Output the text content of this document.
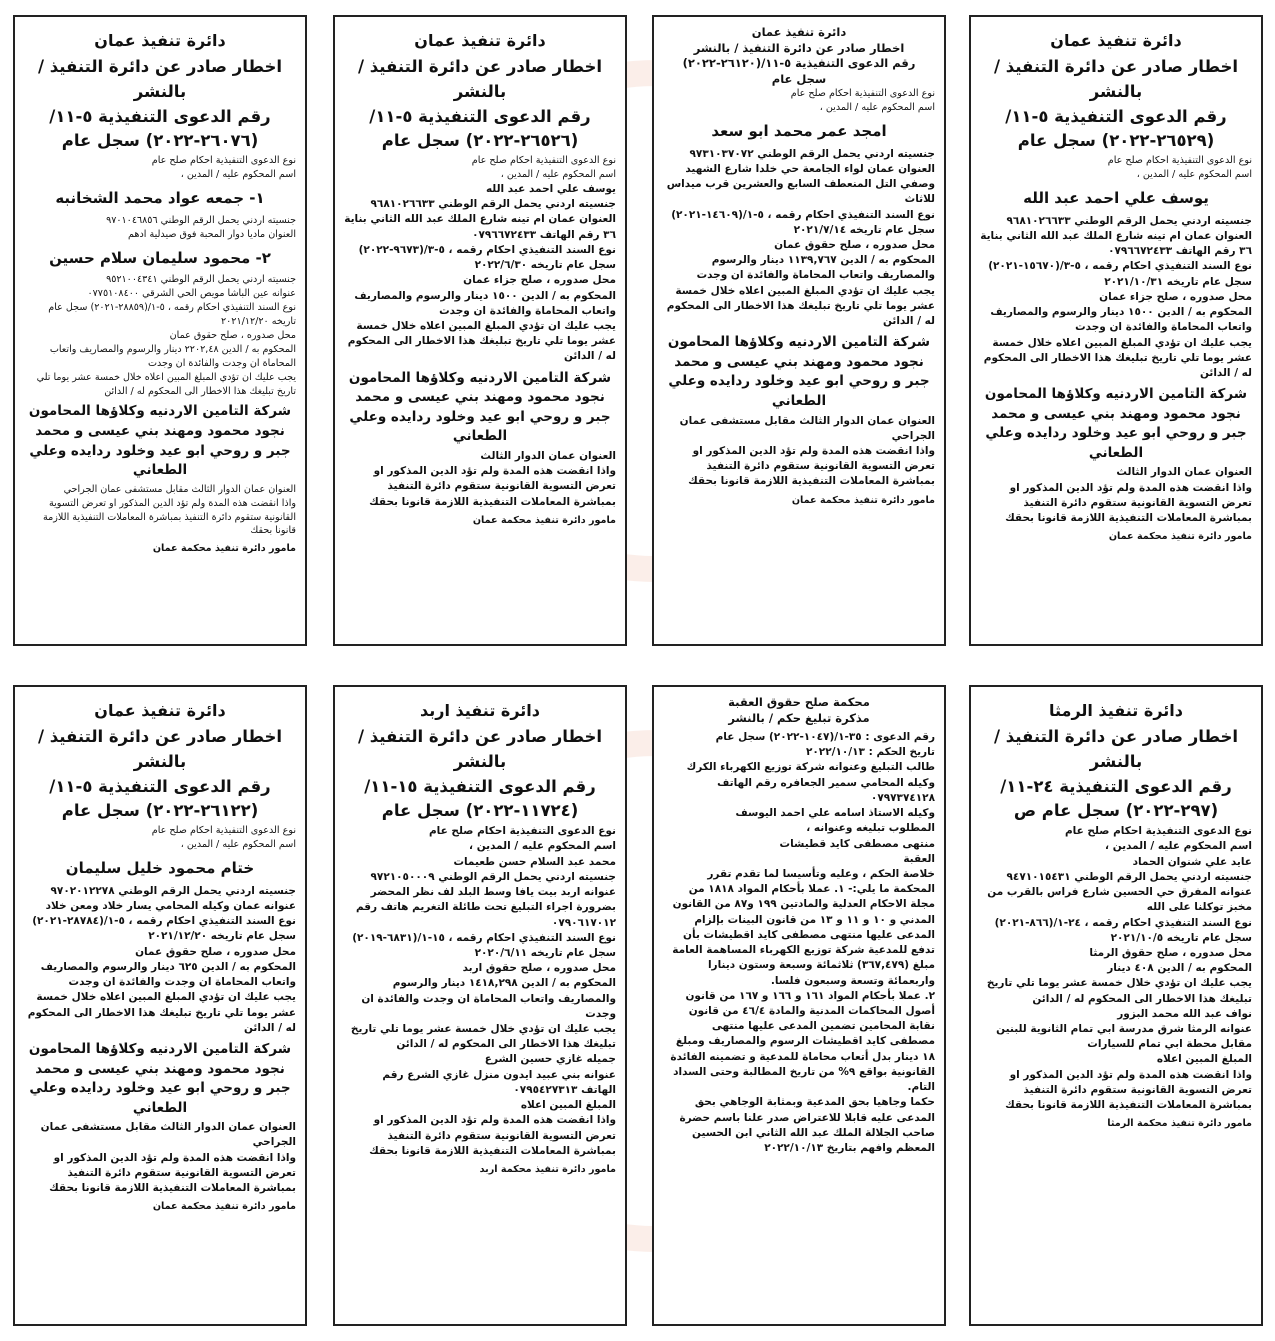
دائرة تنفيذ عمان
اخطار صادر عن دائرة التنفيذ / بالنشر
رقم الدعوى التنفيذية ٥-١١/
(٢٦٥٢٩-٢٠٢٢) سجل عام
نوع الدعوى التنفيذية احكام صلح عام
اسم المحكوم عليه / المدين ،
يوسف علي احمد عبد الله
جنسيته اردني يحمل الرقم الوطني ٩٦٨١٠٢٦٦٣٣
العنوان عمان ام تينه شارع الملك عبد الله الثاني بناية ٣٦ رقم الهاتف ٠٧٩٦٦٧٢٤٣٣
نوع السند التنفيذي احكام رقمه ، ٥-٣/(١٥٦٧٠-٢٠٢١) سجل عام تاريخه ٢٠٢١/١٠/٣١
محل صدوره ، صلح جزاء عمان
المحكوم به / الدين ١٥٠٠ دينار والرسوم والمصاريف واتعاب المحاماة والفائدة ان وجدت
يجب عليك ان تؤدي المبلغ المبين اعلاه خلال خمسة عشر يوما تلي تاريخ تبليغك هذا الاخطار الى المحكوم له / الدائن
شركة التامين الاردنيه وكلاؤها المحامون نجود محمود ومهند بني عيسى و محمد جبر و روحي ابو عيد وخلود ردايده وعلي الطعاني
العنوان عمان الدوار الثالث
واذا انقضت هذه المدة ولم تؤد الدين المذكور او تعرض التسوية القانونية ستقوم دائرة التنفيذ بمباشرة المعاملات التنفيذية اللازمة قانونا بحقك
مامور دائرة تنفيذ محكمة عمان
دائرة تنفيذ عمان
اخطار صادر عن دائرة التنفيذ / بالنشر
رقم الدعوى التنفيذية ٥-١١/(٢٦١٢٠-٢٠٢٢)
سجل عام
نوع الدعوى التنفيذية احكام صلح عام
اسم المحكوم عليه / المدين ،
امجد عمر محمد ابو سعد
جنسيته اردني يحمل الرقم الوطني ٩٧٣١٠٣٧٠٧٢
العنوان عمان لواء الجامعة حي خلدا شارع الشهيد وصفي التل المنعطف السابع والعشرين قرب ميداس للاثاث
نوع السند التنفيذي احكام رقمه ، ٥-١/(١٤٦٠٩-٢٠٢١) سجل عام تاريخه ٢٠٢١/٧/١٤
محل صدوره ، صلح حقوق عمان
المحكوم به / الدين ١١٣٩,٧٦٧ دينار والرسوم والمصاريف واتعاب المحاماة والفائدة ان وجدت
يجب عليك ان تؤدي المبلغ المبين اعلاه خلال خمسة عشر يوما تلي تاريخ تبليغك هذا الاخطار الى المحكوم له / الدائن
شركة التامين الاردنيه وكلاؤها المحامون نجود محمود ومهند بني عيسى و محمد جبر و روحي ابو عيد وخلود ردايده وعلي الطعاني
العنوان عمان الدوار الثالث مقابل مستشفى عمان الجراحي
واذا انقضت هذه المدة ولم تؤد الدين المذكور او تعرض التسوية القانونية ستقوم دائرة التنفيذ بمباشرة المعاملات التنفيذية اللازمة قانونا بحقك
مامور دائرة تنفيذ محكمة عمان
دائرة تنفيذ عمان
اخطار صادر عن دائرة التنفيذ / بالنشر
رقم الدعوى التنفيذية ٥-١١/
(٢٦٥٢٦-٢٠٢٢) سجل عام
نوع الدعوى التنفيذية احكام صلح عام
اسم المحكوم عليه / المدين ،
يوسف علي احمد عبد الله
جنسيته اردني يحمل الرقم الوطني ٩٦٨١٠٢٦٦٣٣
العنوان عمان ام تينه شارع الملك عبد الله الثاني بناية ٣٦ رقم الهاتف ٠٧٩٦٦٧٢٤٣٣
نوع السند التنفيذي احكام رقمه ، ٥-٣/(٩٦٧٣-٢٠٢٢) سجل عام تاريخه ٢٠٢٢/٦/٣٠
محل صدوره ، صلح جزاء عمان
المحكوم به / الدين ١٥٠٠ دينار والرسوم والمصاريف واتعاب المحاماة والفائدة ان وجدت
يجب عليك ان تؤدي المبلغ المبين اعلاه خلال خمسة عشر يوما تلي تاريخ تبليغك هذا الاخطار الى المحكوم له / الدائن
شركة التامين الاردنيه وكلاؤها المحامون نجود محمود ومهند بني عيسى و محمد جبر و روحي ابو عيد وخلود ردايده وعلي الطعاني
العنوان عمان الدوار الثالث
واذا انقضت هذه المدة ولم تؤد الدين المذكور او تعرض التسوية القانونية ستقوم دائرة التنفيذ بمباشرة المعاملات التنفيذية اللازمة قانونا بحقك
مامور دائرة تنفيذ محكمة عمان
دائرة تنفيذ عمان
اخطار صادر عن دائرة التنفيذ / بالنشر
رقم الدعوى التنفيذية ٥-١١/
(٢٦٠٧٦-٢٠٢٢) سجل عام
نوع الدعوى التنفيذية احكام صلح عام
اسم المحكوم عليه / المدين ،
١- جمعه عواد محمد الشخانبه
جنسيته اردني يحمل الرقم الوطني ٩٧٠١٠٤٦٨٥٦
العنوان ماديا دوار المحبة فوق صيدلية ادهم
٢- محمود سليمان سلام حسين
جنسيته اردني يحمل الرقم الوطني ٩٥٢١٠٠٤٣٤١
عنوانه عين الباشا مويص الحي الشرقي ٠٧٧٥١٠٨٤٠٠
نوع السند التنفيذي احكام رقمه ، ٥-١/(٢٨٨٥٩-٢٠٢١) سجل عام تاريخه ٢٠٢١/١٢/٢٠
محل صدوره ، صلح حقوق عمان
المحكوم به / الدين ٢٢٠٢,٤٨ دينار والرسوم والمصاريف واتعاب المحاماة ان وجدت والفائدة ان وجدت
يجب عليك ان تؤدي المبلغ المبين اعلاه خلال خمسة عشر يوما تلي تاريخ تبليغك هذا الاخطار الى المحكوم له / الدائن
شركة التامين الاردنيه وكلاؤها المحامون نجود محمود ومهند بني عيسى و محمد جبر و روحي ابو عيد وخلود ردايده وعلي الطعاني
العنوان عمان الدوار الثالث مقابل مستشفى عمان الجراحي
واذا انقضت هذه المدة ولم تؤد الدين المذكور او تعرض التسوية القانونية ستقوم دائرة التنفيذ بمباشرة المعاملات التنفيذية اللازمة قانونا بحقك
مامور دائرة تنفيذ محكمة عمان
دائرة تنفيذ الرمثا
اخطار صادر عن دائرة التنفيذ / بالنشر
رقم الدعوى التنفيذية ٢٤-١١/
(٢٩٧-٢٠٢٢) سجل عام ص
نوع الدعوى التنفيذية احكام صلح عام
اسم المحكوم عليه / المدين ،
عايد علي شنوان الحماد
جنسيته اردني يحمل الرقم الوطني ٩٤٧١٠١٥٤٣١ عنوانه المفرق حي الحسين شارع فراس بالقرب من مخبز توكلنا على الله
نوع السند التنفيذي احكام رقمه ، ٢٤-١/(٨٦٦-٢٠٢١) سجل عام تاريخه ٢٠٢١/١٠/٥
محل صدوره ، صلح حقوق الرمثا
المحكوم به / الدين ٤٠٨ دينار
يجب عليك ان تؤدي خلال خمسة عشر يوما تلي تاريخ تبليغك هذا الاخطار الى المحكوم له / الدائن
نواف عبد الله محمد البزور
عنوانه الرمثا شرق مدرسة ابي تمام الثانوية للبنين مقابل محطة ابي تمام للسيارات
المبلغ المبين اعلاه
واذا انقضت هذه المدة ولم تؤد الدين المذكور او تعرض التسوية القانونية ستقوم دائرة التنفيذ بمباشرة المعاملات التنفيذية اللازمة قانونا بحقك
مامور دائرة تنفيذ محكمة الرمثا
محكمة صلح حقوق العقبة
مذكرة تبليغ حكم / بالنشر
رقم الدعوى : ٣٥-١/(١٠٤٧-٢٠٢٢) سجل عام
تاريخ الحكم : ٢٠٢٢/١٠/١٣
طالب التبليغ وعنوانه شركة توزيع الكهرباء الكرك وكيله المحامي سمير الجعافره رقم الهاتف ٠٧٩٧٣٧٤١٢٨
وكيله الاستاذ اسامه علي احمد اليوسف
المطلوب تبليغه وعنوانه ،
منتهى مصطفى كايد قطيشات
العقبة
خلاصة الحكم ، وعليه وتأسيسا لما تقدم تقرر المحكمة ما يلي:- ١. عملا بأحكام المواد ١٨١٨ من مجلة الاحكام العدلية والمادتين ١٩٩ و٨٧ من القانون المدني و ١٠ و ١١ و ١٣ من قانون البينات بإلزام المدعى عليها منتهى مصطفى كايد اقطيشات بأن تدفع للمدعية شركة توزيع الكهرباء المساهمة العامة مبلغ (٣٦٧,٤٧٩) ثلاثمائة وسبعة وستون دينارا واربعمائة وتسعة وسبعون فلسا.
٢. عملا بأحكام المواد ١٦١ و ١٦٦ و ١٦٧ من قانون أصول المحاكمات المدنية والمادة ٤٦/٤ من قانون نقابة المحامين تضمين المدعى عليها منتهى مصطفى كايد اقطيشات الرسوم والمصاريف ومبلغ ١٨ دينار بدل أتعاب محاماة للمدعية و تضمينه الفائدة القانونية بواقع ٩% من تاريخ المطالبة وحتى السداد التام.
حكما وجاهيا بحق المدعية وبمثابة الوجاهي بحق المدعى عليه قابلا للاعتراض صدر علنا باسم حضرة صاحب الجلالة الملك عبد الله الثاني ابن الحسين المعظم وافهم بتاريخ ٢٠٢٢/١٠/١٣
دائرة تنفيذ اربد
اخطار صادر عن دائرة التنفيذ / بالنشر
رقم الدعوى التنفيذية ١٥-١١/
(١١٧٢٤-٢٠٢٢) سجل عام
نوع الدعوى التنفيذية احكام صلح عام
اسم المحكوم عليه / المدين ،
محمد عبد السلام حسن طعيمات
جنسيته اردني يحمل الرقم الوطني ٩٧٢١٠٥٠٠٠٩ عنوانه اربد بيت يافا وسط البلد لف نظر المحضر بضرورة اجراء التبليغ تحت طائلة التغريم هاتف رقم ٠٧٩٠٦١٧٠١٢
نوع السند التنفيذي احكام رقمه ، ١٥-١/(٦٨٣١-٢٠١٩) سجل عام تاريخه ٢٠٢٠/٦/١١
محل صدوره ، صلح حقوق اربد
المحكوم به / الدين ١٤١٨,٢٩٨ دينار والرسوم والمصاريف واتعاب المحاماة ان وجدت والفائدة ان وجدت
يجب عليك ان تؤدي خلال خمسة عشر يوما تلي تاريخ تبليغك هذا الاخطار الى المحكوم له / الدائن
جميله غازي حسين الشرع
عنوانه بني عبيد ايدون منزل غازي الشرع رقم الهاتف ٠٧٩٥٤٢٧٣١٣
المبلغ المبين اعلاه
واذا انقضت هذه المدة ولم تؤد الدين المذكور او تعرض التسوية القانونية ستقوم دائرة التنفيذ بمباشرة المعاملات التنفيذية اللازمة قانونا بحقك
مامور دائرة تنفيذ محكمة اربد
دائرة تنفيذ عمان
اخطار صادر عن دائرة التنفيذ / بالنشر
رقم الدعوى التنفيذية ٥-١١/
(٢٦١٢٢-٢٠٢٢) سجل عام
نوع الدعوى التنفيذية احكام صلح عام
اسم المحكوم عليه / المدين ،
ختام محمود خليل سليمان
جنسيته اردني يحمل الرقم الوطني ٩٧٠٢٠١٢٢٧٨ عنوانه عمان وكيله المحامي يسار خلاد ومعن خلاد
نوع السند التنفيذي احكام رقمه ، ٥-١/(٢٨٧٨٤-٢٠٢١) سجل عام تاريخه ٢٠٢١/١٢/٢٠
محل صدوره ، صلح حقوق عمان
المحكوم به / الدين ٦٢٥ دينار والرسوم والمصاريف واتعاب المحاماة ان وجدت والفائدة ان وجدت
يجب عليك ان تؤدي المبلغ المبين اعلاه خلال خمسة عشر يوما تلي تاريخ تبليغك هذا الاخطار الى المحكوم له / الدائن
شركة التامين الاردنيه وكلاؤها المحامون نجود محمود ومهند بني عيسى و محمد جبر و روحي ابو عيد وخلود ردايده وعلي الطعاني
العنوان عمان الدوار الثالث مقابل مستشفى عمان الجراحي
واذا انقضت هذه المدة ولم تؤد الدين المذكور او تعرض التسوية القانونية ستقوم دائرة التنفيذ بمباشرة المعاملات التنفيذية اللازمة قانونا بحقك
مامور دائرة تنفيذ محكمة عمان
